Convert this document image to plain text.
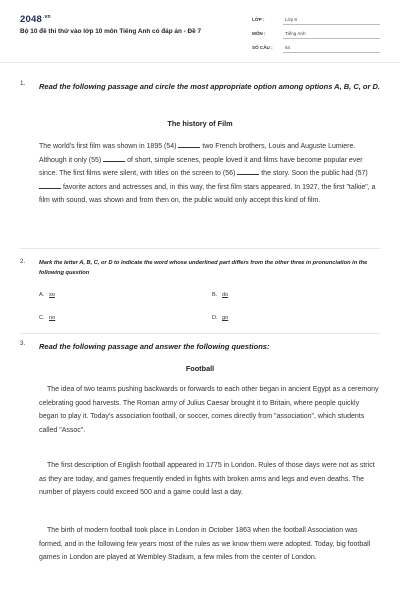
$2048^{.vn}$
Bộ 10 đề thi thử vào lớp 10 môn Tiếng Anh có đáp án - Đề 7
LỚP :	Lớp 9
MÔN :	Tiếng Anh
SỐ CÂU :	64
1. Read the following passage and circle the most appropriate option among options A, B, C, or D.
The history of Film
The world's first film was shown in 1895 (54)	two French brothers, Louis and Auguste Lumiere. Although it only (55)	of short, simple scenes, people loved it and films have become popular ever since. The first films were silent, with titles on the screen to (56)	the story. Soon the public had (57)  favorite actors and actresses and, in this way, the first film stars appeared. In 1927, the first "talkie", a film with sound, was shown and from then on, the public would only accept this kind of film.
2. Mark the letter A, B, C, or D to indicate the word whose underlined part differs from the other three in pronunciation in the following question
A. so	B. do
C. no	D. go
3. Read the following passage and answer the following questions:
Football
The idea of two teams pushing backwards or forwards to each other began in ancient Egypt as a ceremony celebrating good harvests. The Roman army of Julius Caesar brought it to Britain, where people quickly began to play it. Today's association football, or soccer, comes directly from "association", which students called "Assoc".
The first description of English football appeared in 1775 in London. Rules of those days were not as strict as they are today, and games frequently ended in fights with broken arms and legs and even deaths. The number of players could exceed 500 and a game could last a day.
The birth of modern football took place in London in October 1863 when the football Association was formed, and in the following few years most of the rules as we know them were adopted. Today, big football games in London are played at Wembley Stadium, a few miles from the center of London.
